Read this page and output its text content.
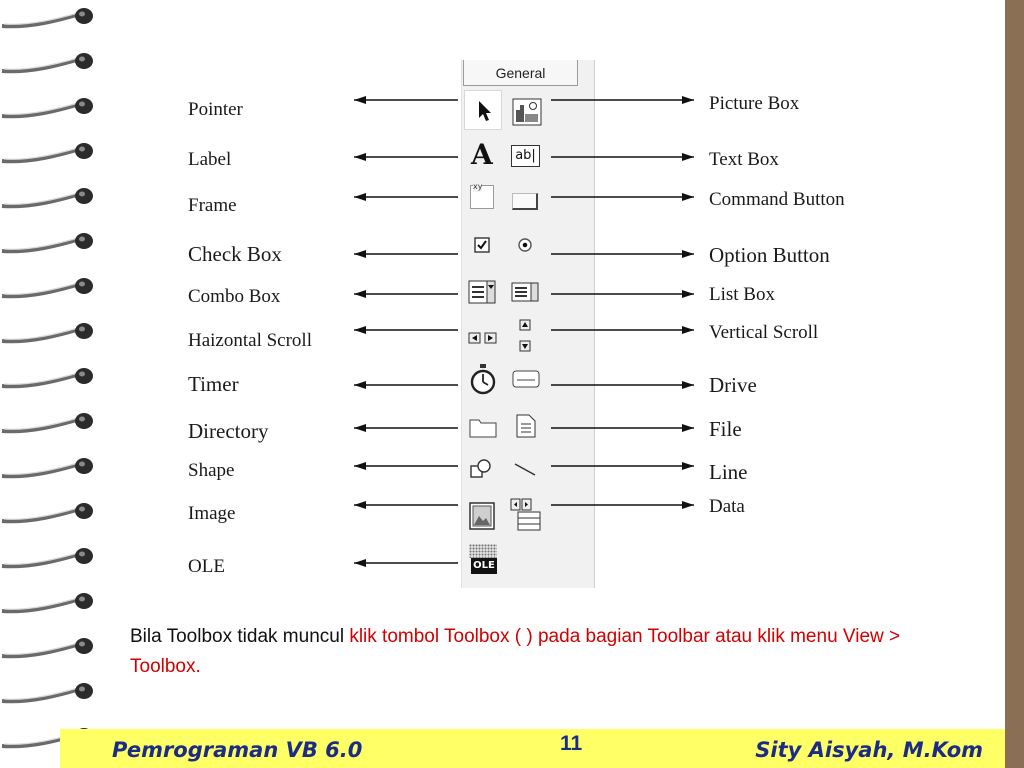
General
A	ab|
xy
OLE
Pointer
Label
Frame
Check Box
Combo Box
Haizontal Scroll
Timer
Directory
Shape
Image
OLE
Picture Box
Text Box
Command Button
Option Button
List Box
Vertical Scroll
Drive
File
Line
Data
Bila Toolbox tidak muncul klik tombol Toolbox ( ) pada bagian Toolbar atau klik menu View > Toolbox.
Pemrograman VB 6.0	11	Sity Aisyah, M.Kom
